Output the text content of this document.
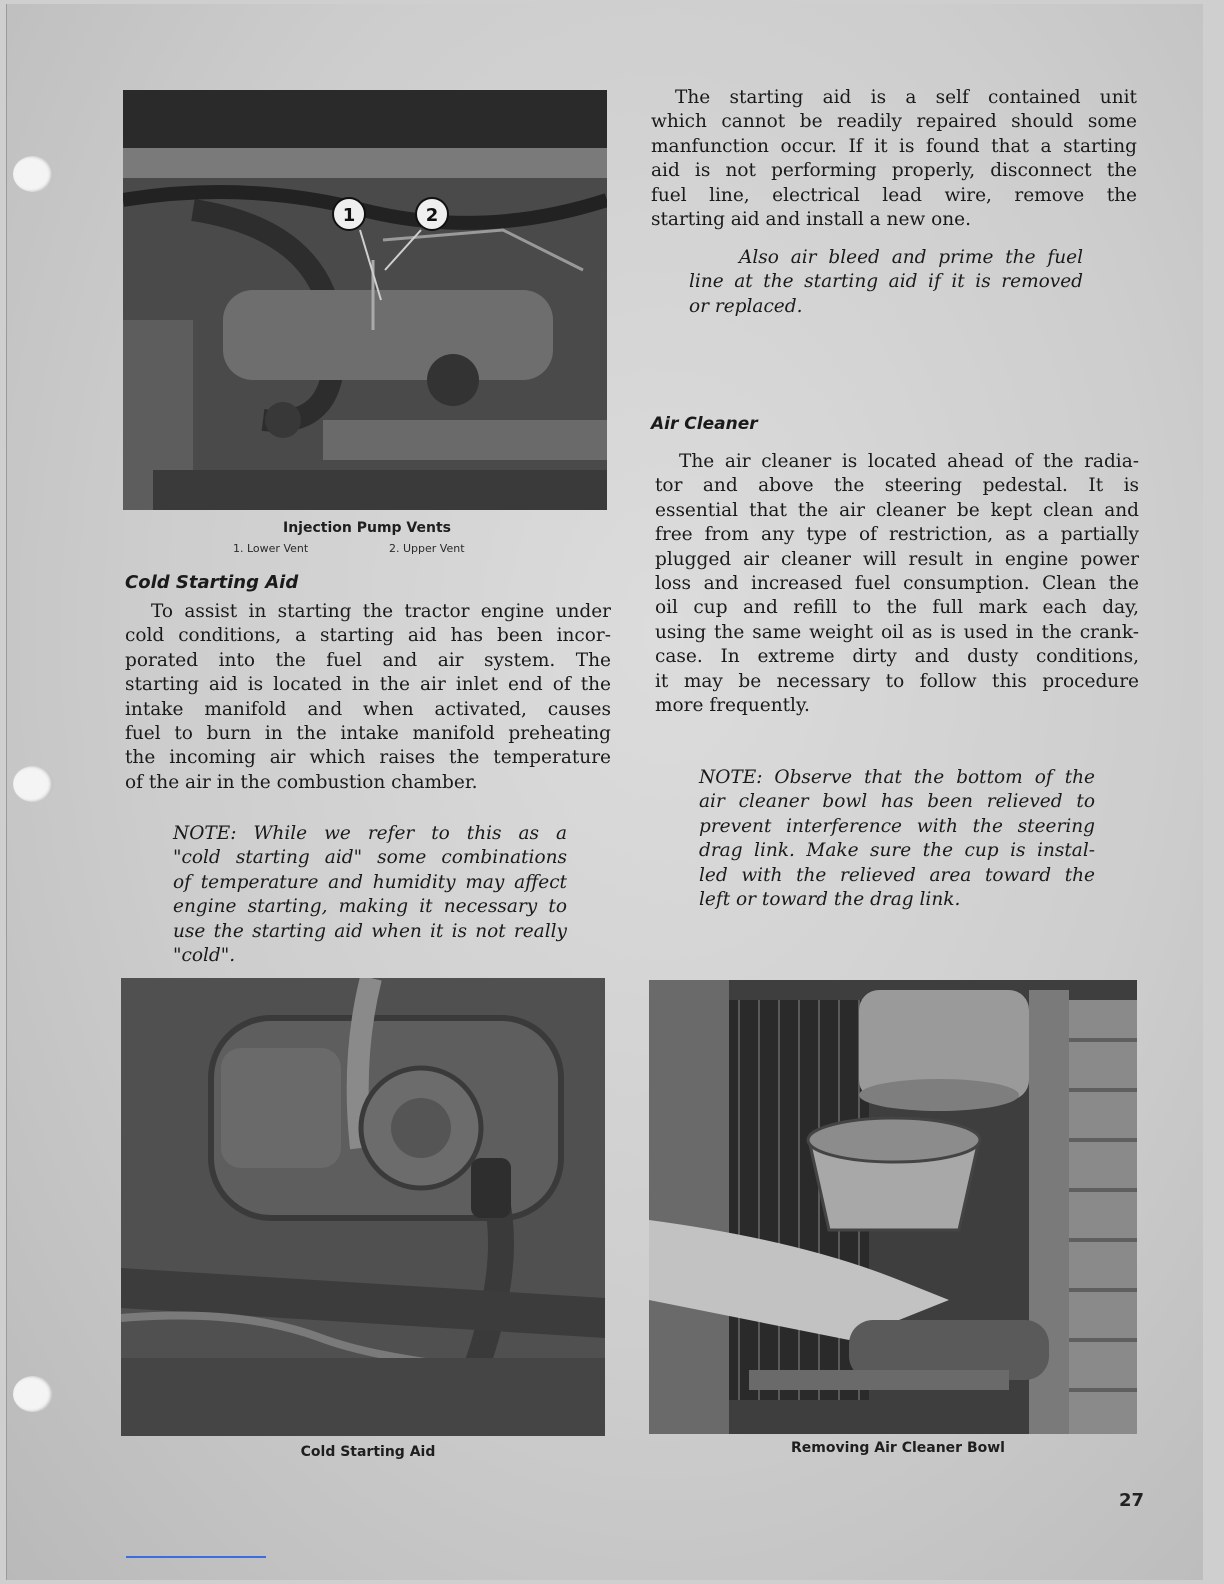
1	2
Injection Pump Vents
1. Lower Vent	2. Upper Vent
Cold Starting Aid
To assist in starting the tractor engine under
cold conditions, a starting aid has been incor-
porated into the fuel and air system. The
starting aid is located in the air inlet end of the
intake manifold and when activated, causes
fuel to burn in the intake manifold preheating
the incoming air which raises the temperature
of the air in the combustion chamber.
NOTE: While we refer to this as a
"cold starting aid" some combinations
of temperature and humidity may affect
engine starting, making it necessary to
use the starting aid when it is not really
"cold".
The starting aid is a self contained unit
which cannot be readily repaired should some
manfunction occur. If it is found that a starting
aid is not performing properly, disconnect the
fuel line, electrical lead wire, remove the
starting aid and install a new one.
Also air bleed and prime the fuel
line at the starting aid if it is removed
or replaced.
Air Cleaner
The air cleaner is located ahead of the radia-
tor and above the steering pedestal. It is
essential that the air cleaner be kept clean and
free from any type of restriction, as a partially
plugged air cleaner will result in engine power
loss and increased fuel consumption. Clean the
oil cup and refill to the full mark each day,
using the same weight oil as is used in the crank-
case. In extreme dirty and dusty conditions,
it may be necessary to follow this procedure
more frequently.
NOTE: Observe that the bottom of the
air cleaner bowl has been relieved to
prevent interference with the steering
drag link. Make sure the cup is instal-
led with the relieved area toward the
left or toward the drag link.
Cold Starting Aid	Removing Air Cleaner Bowl
27
